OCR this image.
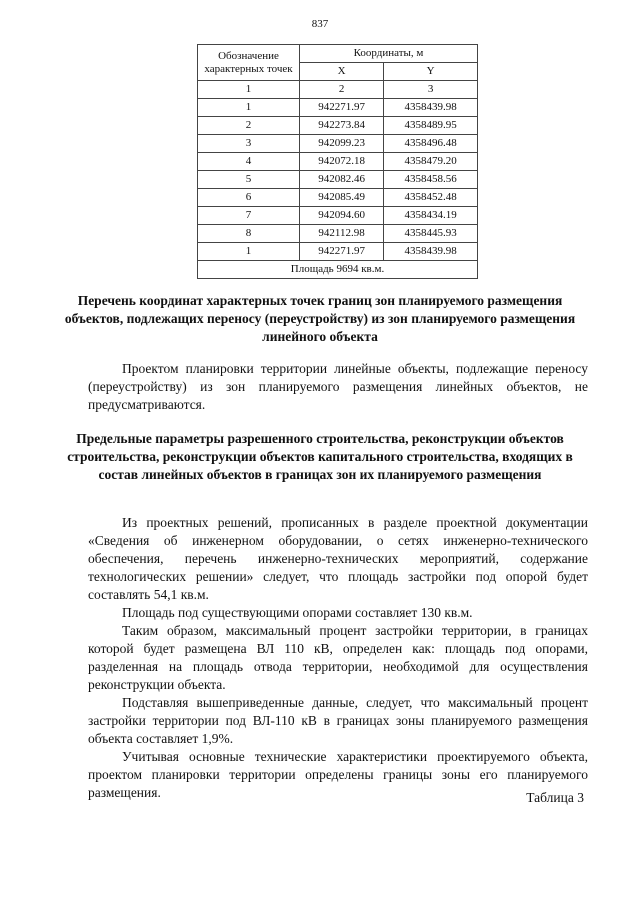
837
Обозначение характерных точек	Координаты, м	
	X	Y
1	2	3
1	942271.97	4358439.98
2	942273.84	4358489.95
3	942099.23	4358496.48
4	942072.18	4358479.20
5	942082.46	4358458.56
6	942085.49	4358452.48
7	942094.60	4358434.19
8	942112.98	4358445.93
1	942271.97	4358439.98
Площадь 9694 кв.м.		
Перечень координат характерных точек границ зон планируемого размещения объектов, подлежащих переносу (переустройству) из зон планируемого размещения линейного объекта
Проектом планировки территории линейные объекты, подлежащие переносу (переустройству) из зон планируемого размещения линейных объектов, не предусматриваются.
Предельные параметры разрешенного строительства, реконструкции объектов строительства, реконструкции объектов капитального строительства, входящих в состав линейных объектов в границах зон их планируемого размещения
Из проектных решений, прописанных в разделе проектной документации «Сведения об инженерном оборудовании, о сетях инженерно-технического обеспечения, перечень инженерно-технических мероприятий, содержание технологических решении» следует, что площадь застройки под опорой будет составлять 54,1 кв.м.
Площадь под существующими опорами составляет 130 кв.м.
Таким образом, максимальный процент застройки территории, в границах которой будет размещена ВЛ 110 кВ, определен как: площадь под опорами, разделенная на площадь отвода территории, необходимой для осуществления реконструкции объекта.
Подставляя вышеприведенные данные, следует, что максимальный процент застройки территории под ВЛ-110 кВ в границах зоны планируемого размещения объекта составляет 1,9%.
Учитывая основные технические характеристики проектируемого объекта, проектом планировки территории определены границы зоны его планируемого размещения.	Таблица 3
